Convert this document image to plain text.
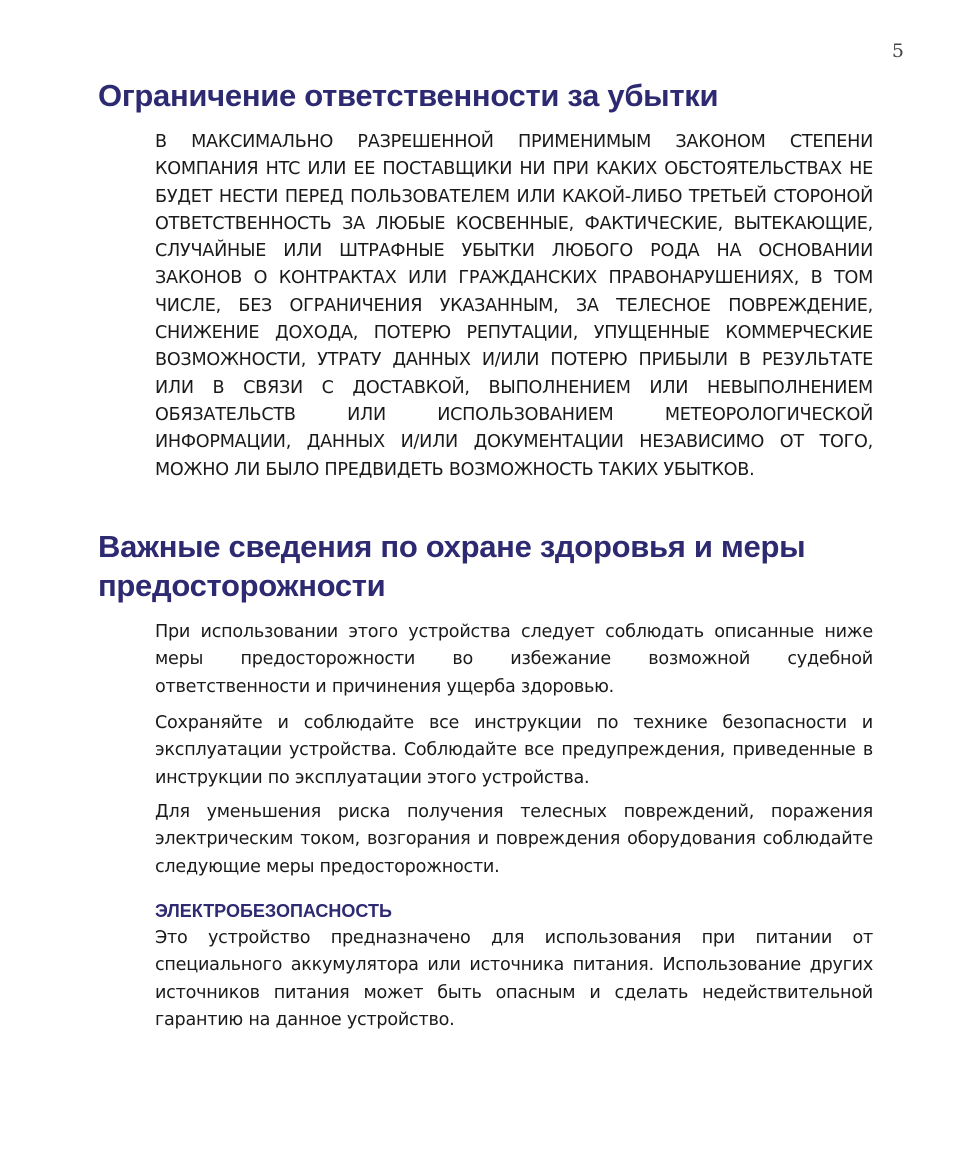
5
Ограничение ответственности за убытки

В МАКСИМАЛЬНО РАЗРЕШЕННОЙ ПРИМЕНИМЫМ ЗАКОНОМ СТЕПЕНИ КОМПАНИЯ HTC ИЛИ ЕЕ ПОСТАВЩИКИ НИ ПРИ КАКИХ ОБСТОЯТЕЛЬСТВАХ НЕ БУДЕТ НЕСТИ ПЕРЕД ПОЛЬЗОВАТЕЛЕМ ИЛИ КАКОЙ-ЛИБО ТРЕТЬЕЙ СТОРОНОЙ ОТВЕТСТВЕННОСТЬ ЗА ЛЮБЫЕ КОСВЕННЫЕ, ФАКТИЧЕСКИЕ, ВЫТЕКАЮЩИЕ, СЛУЧАЙНЫЕ ИЛИ ШТРАФНЫЕ УБЫТКИ ЛЮБОГО РОДА НА ОСНОВАНИИ ЗАКОНОВ О КОНТРАКТАХ ИЛИ ГРАЖДАНСКИХ ПРАВОНАРУШЕНИЯХ, В ТОМ ЧИСЛЕ, БЕЗ ОГРАНИЧЕНИЯ УКАЗАННЫМ, ЗА ТЕЛЕСНОЕ ПОВРЕЖДЕНИЕ, СНИЖЕНИЕ ДОХОДА, ПОТЕРЮ РЕПУТАЦИИ, УПУЩЕННЫЕ КОММЕРЧЕСКИЕ ВОЗМОЖНОСТИ, УТРАТУ ДАННЫХ И/ИЛИ ПОТЕРЮ ПРИБЫЛИ В РЕЗУЛЬТАТЕ ИЛИ В СВЯЗИ С ДОСТАВКОЙ, ВЫПОЛНЕНИЕМ ИЛИ НЕВЫПОЛНЕНИЕМ ОБЯЗАТЕЛЬСТВ ИЛИ ИСПОЛЬЗОВАНИЕМ МЕТЕОРОЛОГИЧЕСКОЙ ИНФОРМАЦИИ, ДАННЫХ И/ИЛИ ДОКУМЕНТАЦИИ НЕЗАВИСИМО ОТ ТОГО, МОЖНО ЛИ БЫЛО ПРЕДВИДЕТЬ ВОЗМОЖНОСТЬ ТАКИХ УБЫТКОВ.

Важные сведения по охране здоровья и меры предосторожности

При использовании этого устройства следует соблюдать описанные ниже меры предосторожности во избежание возможной судебной ответственности и причинения ущерба здоровью.

Сохраняйте и соблюдайте все инструкции по технике безопасности и эксплуатации устройства. Соблюдайте все предупреждения, приведенные в инструкции по эксплуатации этого устройства.

Для уменьшения риска получения телесных повреждений, поражения электрическим током, возгорания и повреждения оборудования соблюдайте следующие меры предосторожности.

ЭЛЕКТРОБЕЗОПАСНОСТЬ

Это устройство предназначено для использования при питании от специального аккумулятора или источника питания. Использование других источников питания может быть опасным и сделать недействительной гарантию на данное устройство.
